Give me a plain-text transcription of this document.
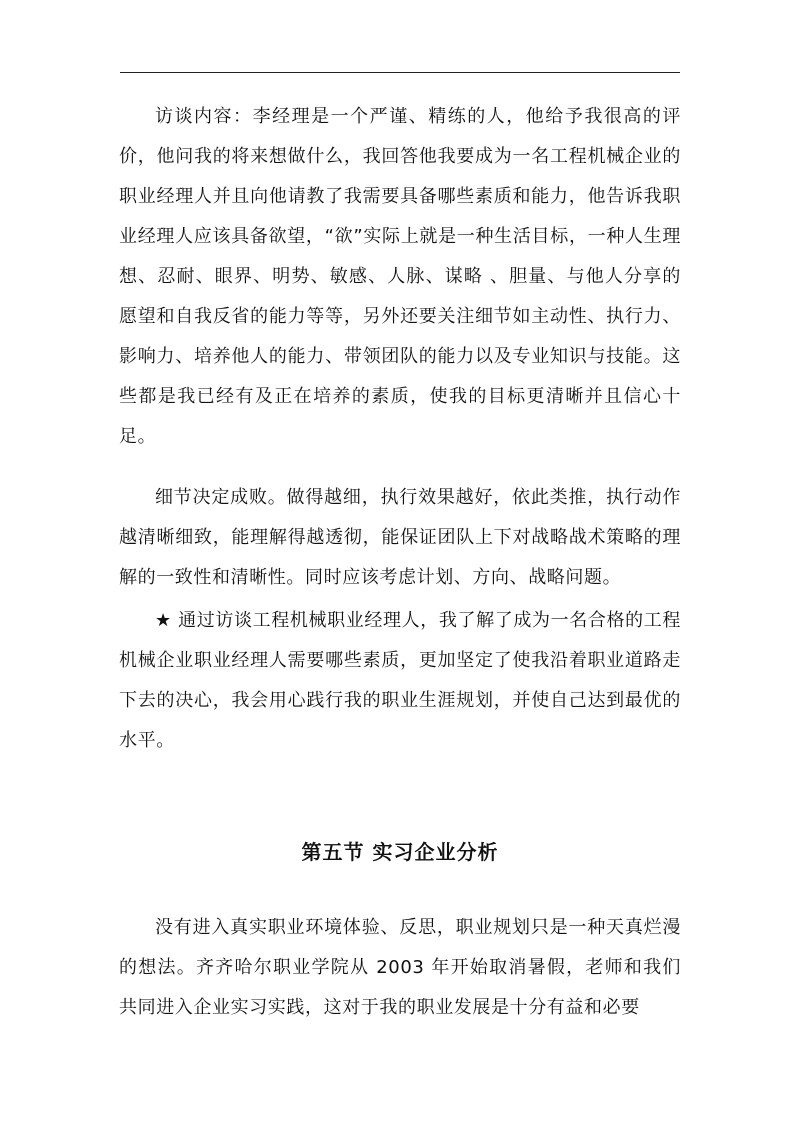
访谈内容：李经理是一个严谨、精练的人，他给予我很高的评价，他问我的将来想做什么，我回答他我要成为一名工程机械企业的职业经理人并且向他请教了我需要具备哪些素质和能力，他告诉我职业经理人应该具备欲望，“欲”实际上就是一种生活目标，一种人生理想、忍耐、眼界、明势、敏感、人脉、谋略 、胆量、与他人分享的愿望和自我反省的能力等等，另外还要关注细节如主动性、执行力、影响力、培养他人的能力、带领团队的能力以及专业知识与技能。这些都是我已经有及正在培养的素质，使我的目标更清晰并且信心十足。

细节决定成败。做得越细，执行效果越好，依此类推，执行动作越清晰细致，能理解得越透彻，能保证团队上下对战略战术策略的理解的一致性和清晰性。同时应该考虑计划、方向、战略问题。

★ 通过访谈工程机械职业经理人，我了解了成为一名合格的工程机械企业职业经理人需要哪些素质，更加坚定了使我沿着职业道路走下去的决心，我会用心践行我的职业生涯规划，并使自己达到最优的水平。

第五节 实习企业分析

没有进入真实职业环境体验、反思，职业规划只是一种天真烂漫的想法。齐齐哈尔职业学院从 2003 年开始取消暑假，老师和我们共同进入企业实习实践，这对于我的职业发展是十分有益和必要
